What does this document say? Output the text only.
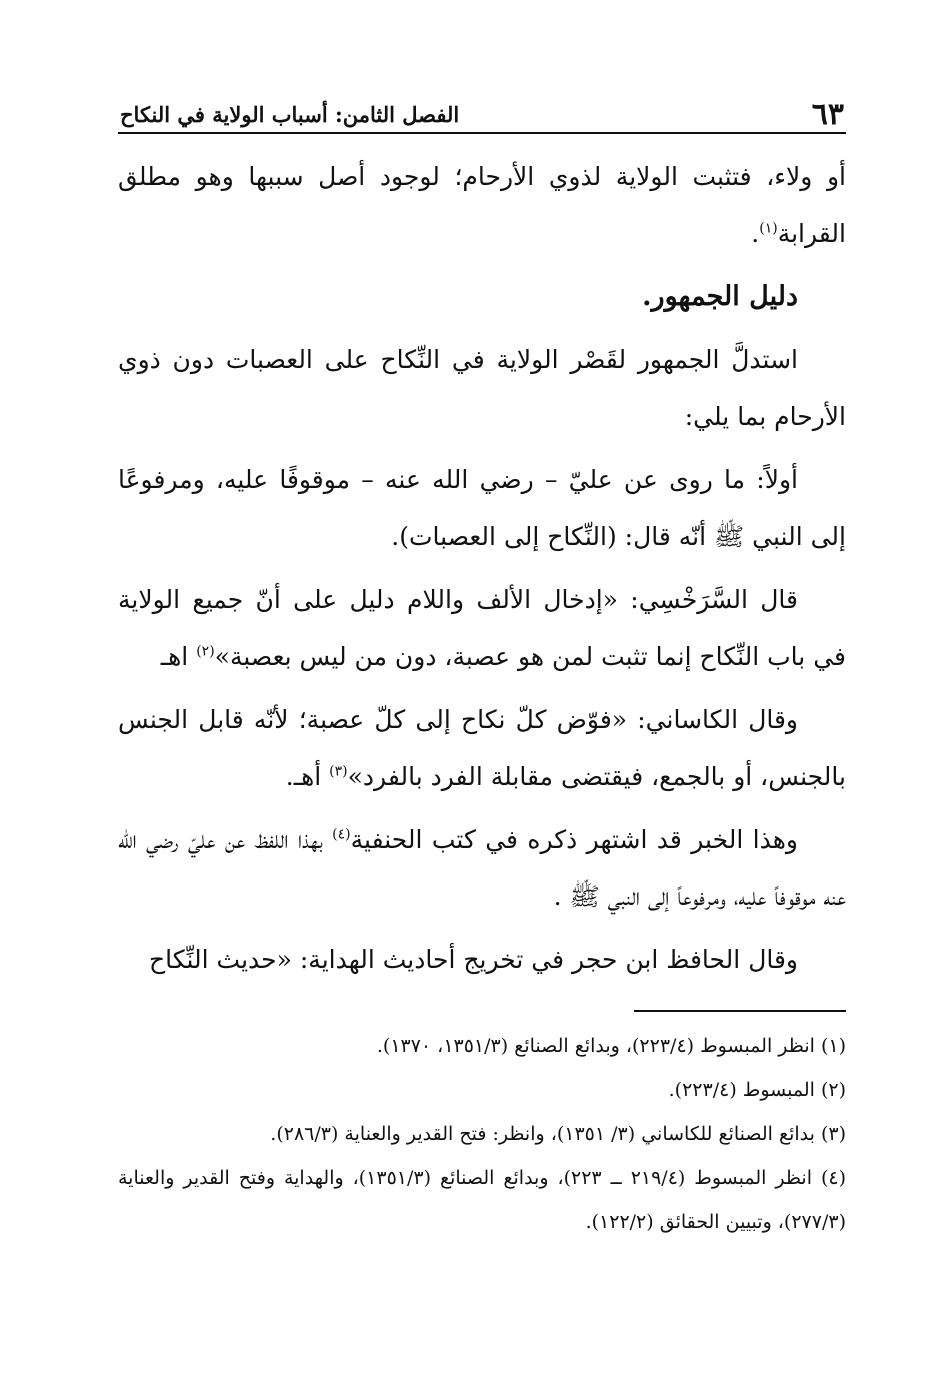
٦٣
الفصل الثامن: أسباب الولاية في النكاح

أو ولاء، فتثبت الولاية لذوي الأرحام؛ لوجود أصل سببها وهو مطلق القرابة$^{(١)}$.

دليل الجمهور.

استدلَّ الجمهور لقَصْر الولاية في النِّكاح على العصبات دون ذوي الأرحام بما يلي:

أولاً: ما روى عن عليّ – رضي الله عنه – موقوفًا عليه، ومرفوعًا إلى النبي ﷺ أنّه قال: (النِّكاح إلى العصبات).

قال السَّرَخْسِي: «إدخال الألف واللام دليل على أنّ جميع الولاية في باب النِّكاح إنما تثبت لمن هو عصبة، دون من ليس بعصبة»$^{(٢)}$ اهـ

وقال الكاساني: «فوّض كلّ نكاح إلى كلّ عصبة؛ لأنّه قابل الجنس بالجنس، أو بالجمع، فيقتضى مقابلة الفرد بالفرد»$^{(٣)}$ أهـ.

وهذا الخبر قد اشتهر ذكره في كتب الحنفية$^{(٤)}$ بهذا اللفظ عن عليّ رضي الله عنه موقوفاً عليه، ومرفوعاً إلى النبي ﷺ .

وقال الحافظ ابن حجر في تخريج أحاديث الهداية: «حديث النِّكاح

(١) انظر المبسوط (٢٢٣/٤)، وبدائع الصنائع (١٣٥١/٣، ١٣٧٠).

(٢) المبسوط (٢٢٣/٤).

(٣) بدائع الصنائع للكاساني (٣/ ١٣٥١)، وانظر: فتح القدير والعناية (٢٨٦/٣).

(٤) انظر المبسوط (٢١٩/٤ ــ ٢٢٣)، وبدائع الصنائع (١٣٥١/٣)، والهداية وفتح القدير والعناية (٢٧٧/٣)، وتبيين الحقائق (١٢٢/٢).
